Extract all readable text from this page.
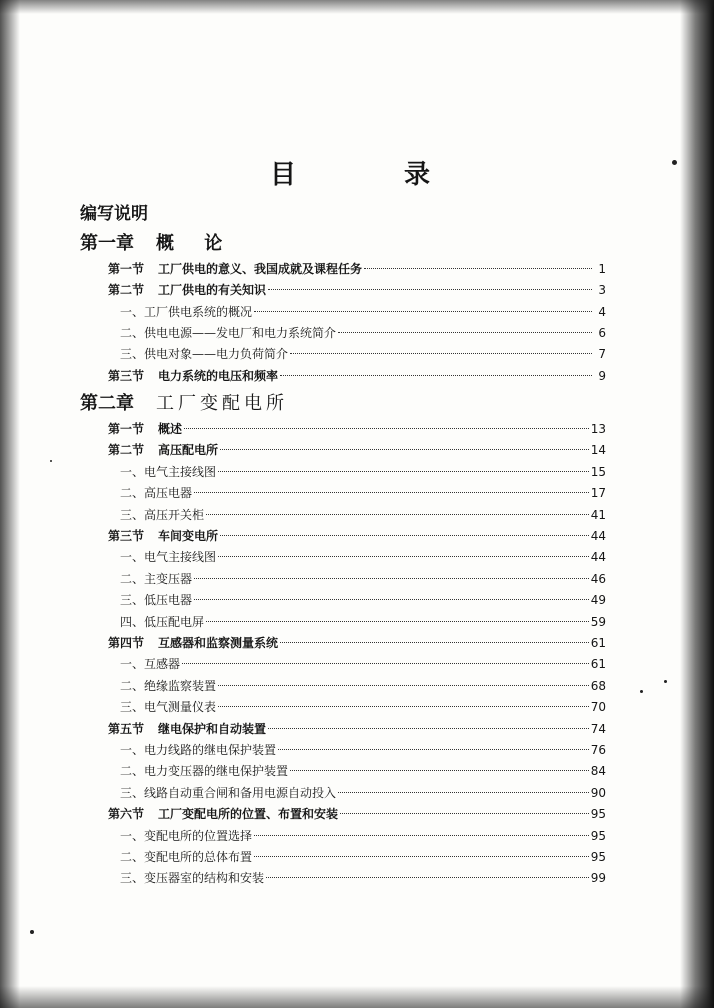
目	录
编写说明
第一章 概 论
第一节 工厂供电的意义、我国成就及课程任务	1
第二节 工厂供电的有关知识	3
一、工厂供电系统的概况	4
二、供电电源——发电厂和电力系统简介	6
三、供电对象——电力负荷简介	7
第三节 电力系统的电压和频率	9
第二章 工厂变配电所
第一节 概述	13
第二节 高压配电所	14
一、电气主接线图	15
二、高压电器	17
三、高压开关柜	41
第三节 车间变电所	44
一、电气主接线图	44
二、主变压器	46
三、低压电器	49
四、低压配电屏	59
第四节 互感器和监察测量系统	61
一、互感器	61
二、绝缘监察装置	68
三、电气测量仪表	70
第五节 继电保护和自动装置	74
一、电力线路的继电保护装置	76
二、电力变压器的继电保护装置	84
三、线路自动重合闸和备用电源自动投入	90
第六节 工厂变配电所的位置、布置和安装	95
一、变配电所的位置选择	95
二、变配电所的总体布置	95
三、变压器室的结构和安装	99
